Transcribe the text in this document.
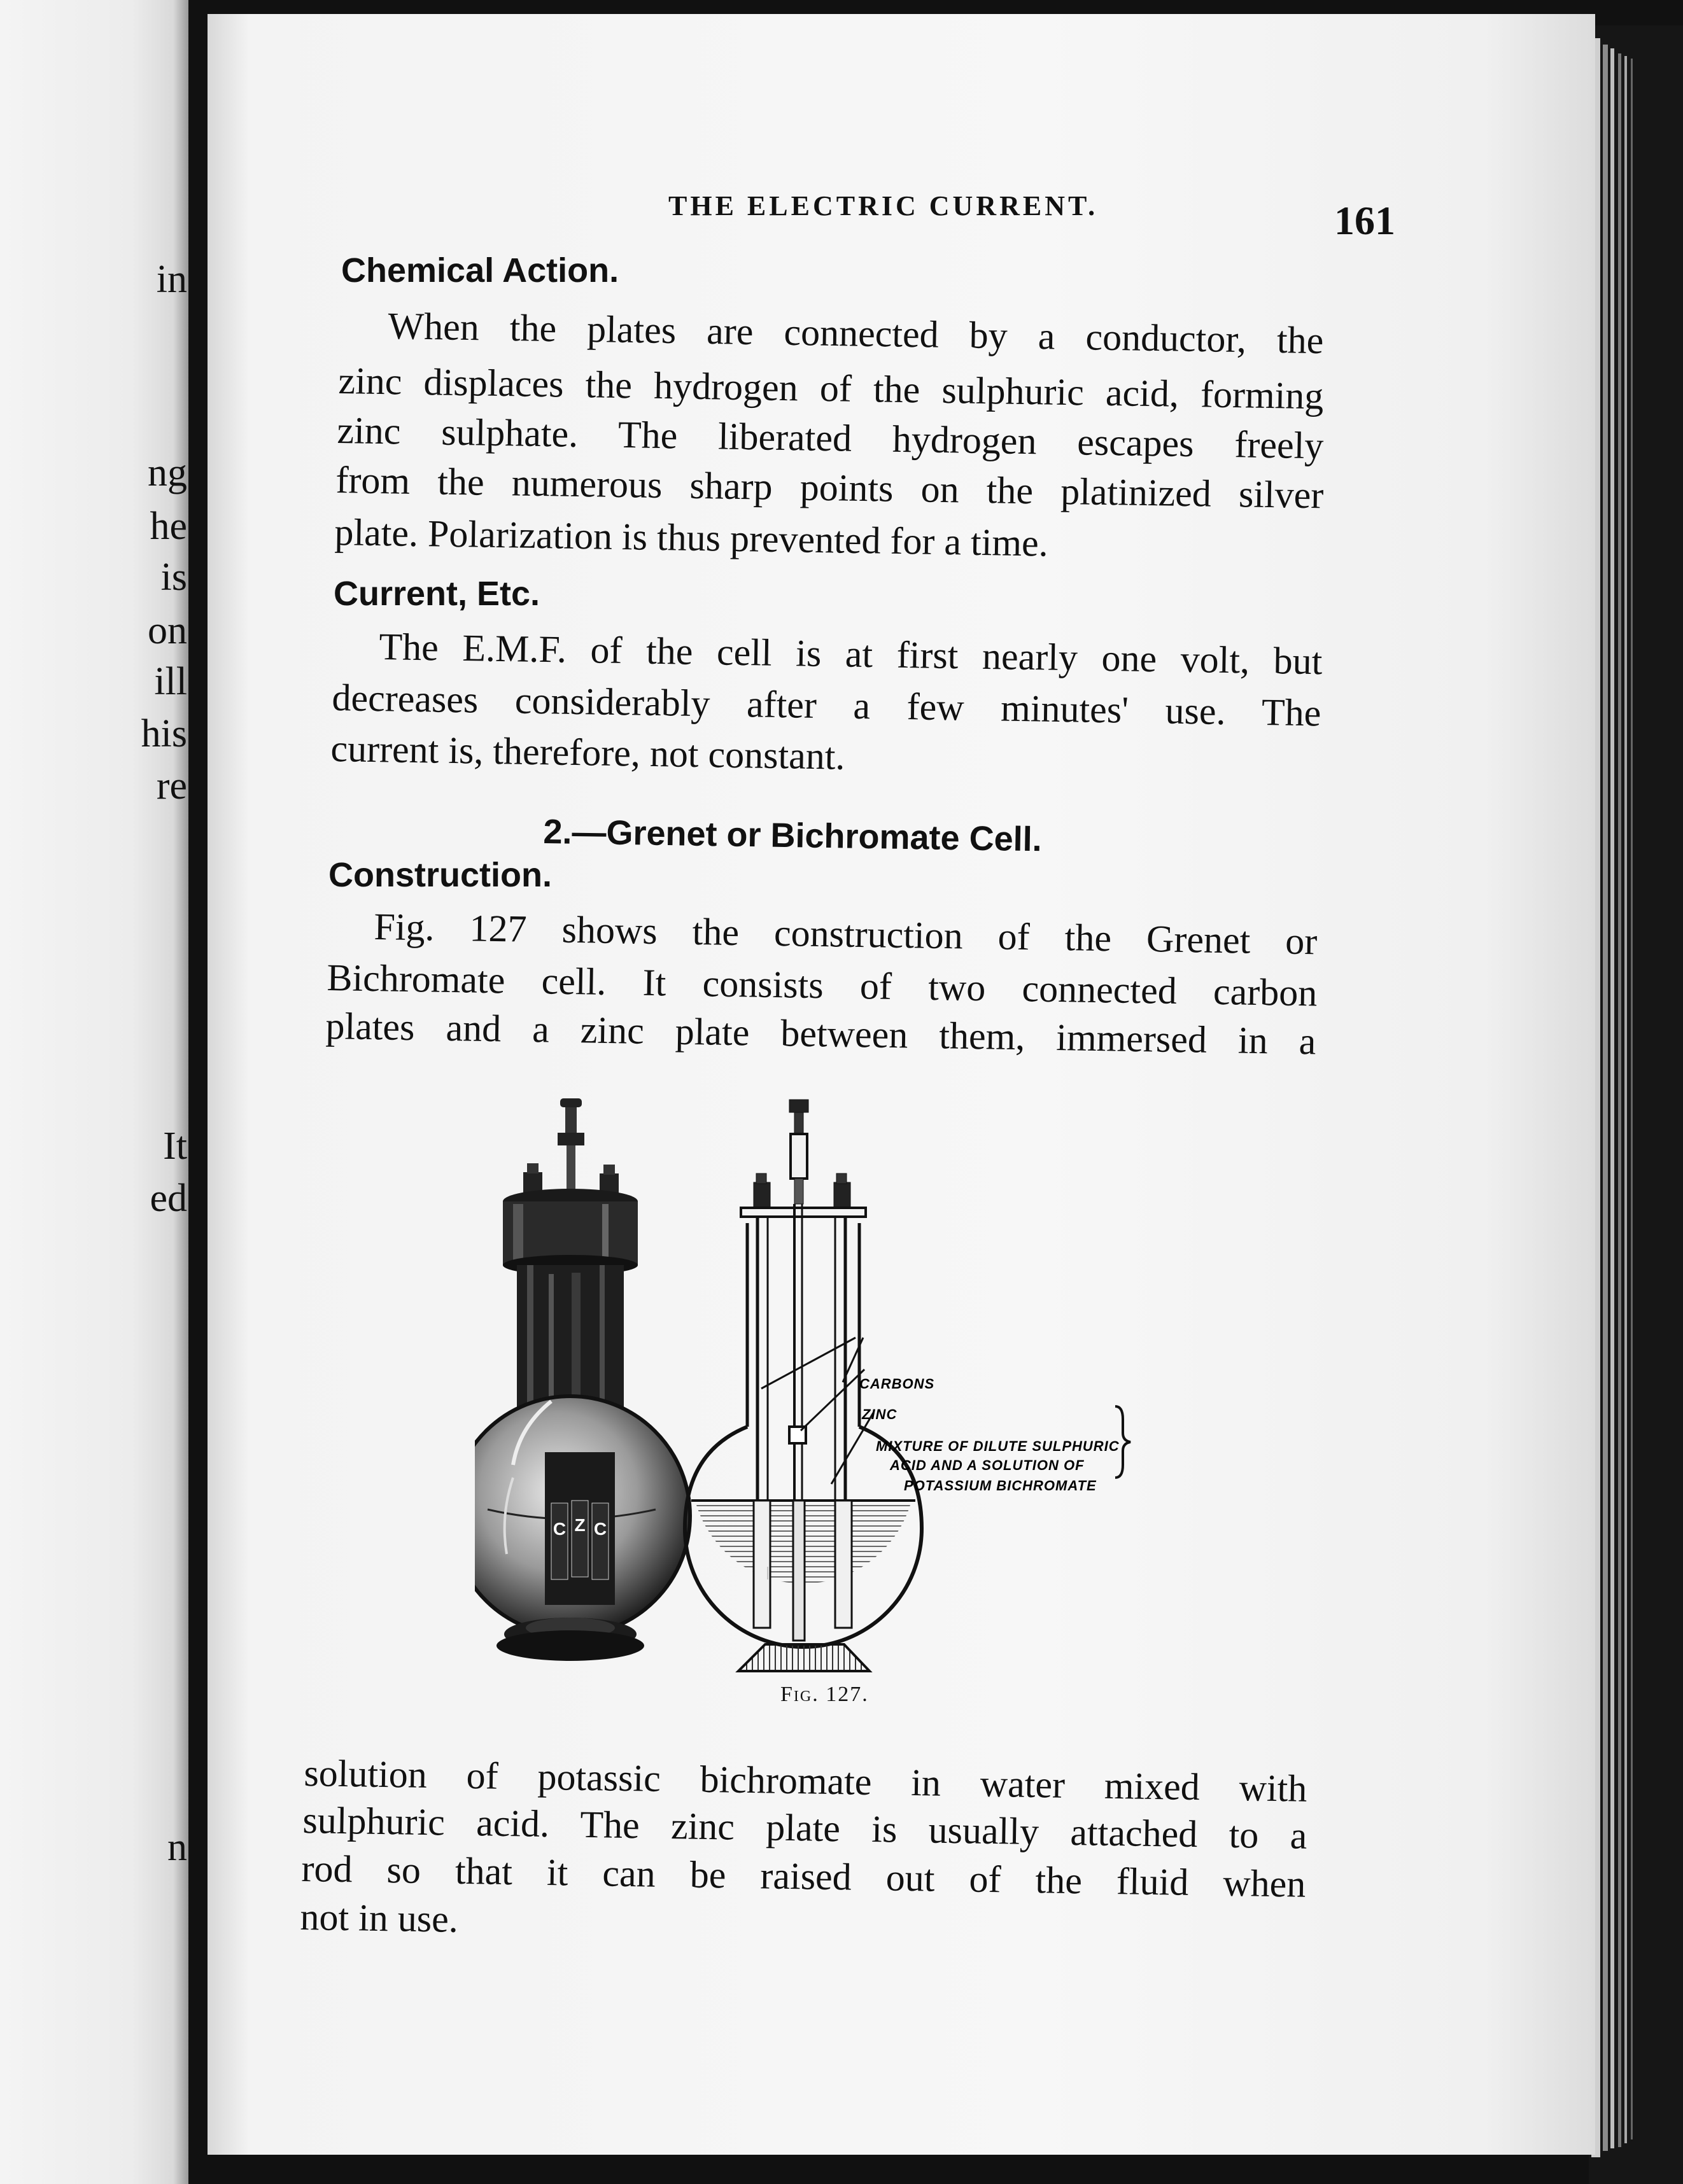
in
ng
he
is
on
ill
his
re
It
ed
n
THE ELECTRIC CURRENT.	161
Chemical Action.
When the plates are connected by a conductor, the
zinc displaces the hydrogen of the sulphuric acid, forming
zinc sulphate. The liberated hydrogen escapes freely
from the numerous sharp points on the platinized silver
plate. Polarization is thus prevented for a time.
Current, Etc.
The E.M.F. of the cell is at first nearly one volt, but
decreases considerably after a few minutes' use. The
current is, therefore, not constant.
2.—Grenet or Bichromate Cell.
Construction.
Fig. 127 shows the construction of the Grenet or
Bichromate cell. It consists of two connected carbon
plates and a zinc plate between them, immersed in a
C Z C
CARBONS
ZINC
MIXTURE OF DILUTE SULPHURIC
ACID AND A SOLUTION OF
POTASSIUM BICHROMATE
Fig. 127.
solution of potassic bichromate in water mixed with
sulphuric acid. The zinc plate is usually attached to a
rod so that it can be raised out of the fluid when
not in use.
